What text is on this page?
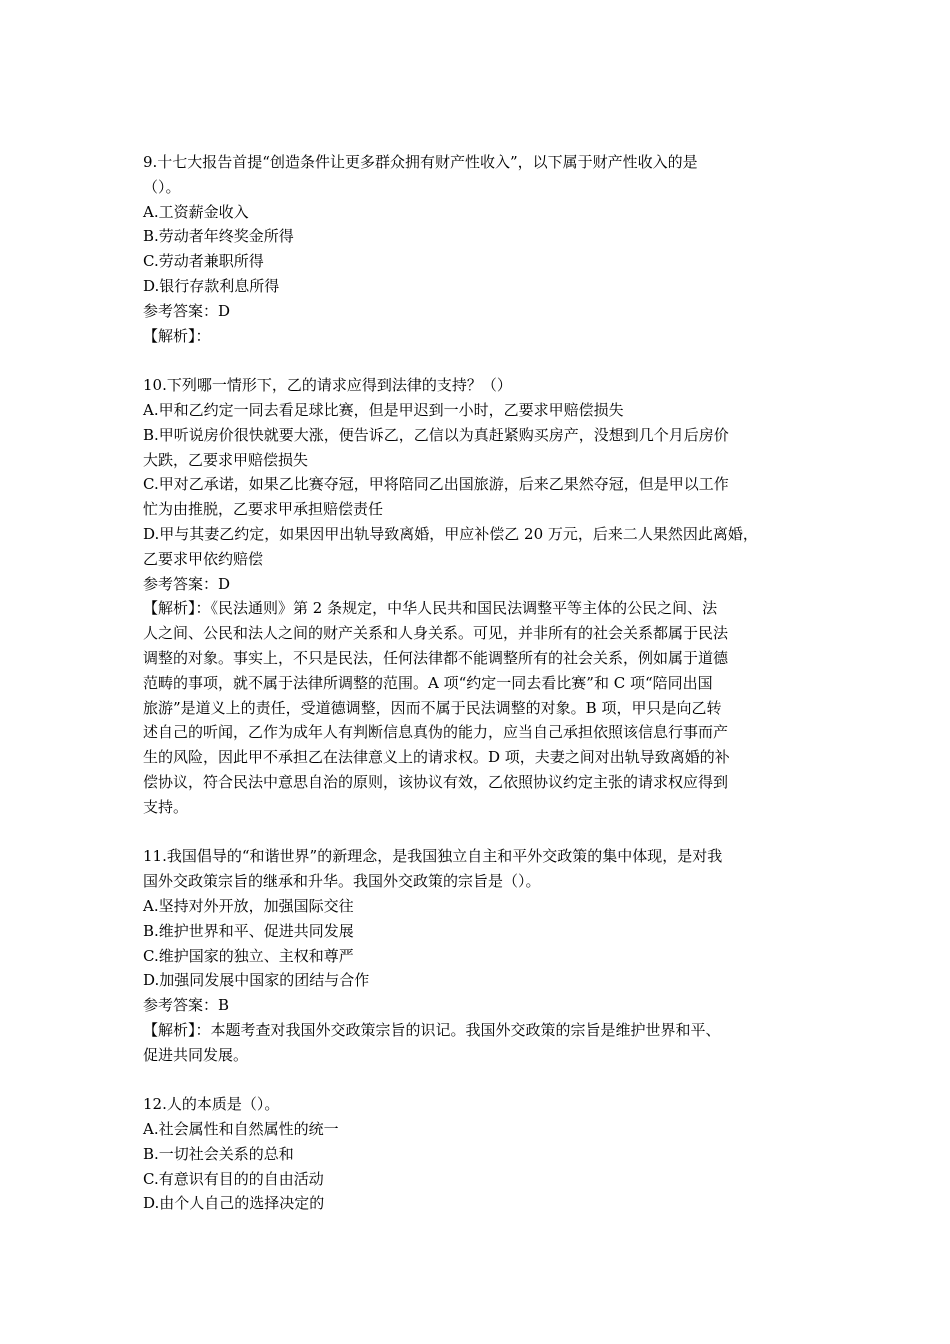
9.十七大报告首提“创造条件让更多群众拥有财产性收入”，以下属于财产性收入的是
（）。
A.工资薪金收入
B.劳动者年终奖金所得
C.劳动者兼职所得
D.银行存款利息所得
参考答案：D
【解析】：
10.下列哪一情形下，乙的请求应得到法律的支持？（）
A.甲和乙约定一同去看足球比赛，但是甲迟到一小时，乙要求甲赔偿损失
B.甲听说房价很快就要大涨，便告诉乙，乙信以为真赶紧购买房产，没想到几个月后房价
大跌，乙要求甲赔偿损失
C.甲对乙承诺，如果乙比赛夺冠，甲将陪同乙出国旅游，后来乙果然夺冠，但是甲以工作
忙为由推脱，乙要求甲承担赔偿责任
D.甲与其妻乙约定，如果因甲出轨导致离婚，甲应补偿乙 20 万元，后来二人果然因此离婚，
乙要求甲依约赔偿
参考答案：D
【解析】：《民法通则》第 2 条规定，中华人民共和国民法调整平等主体的公民之间、法
人之间、公民和法人之间的财产关系和人身关系。可见，并非所有的社会关系都属于民法
调整的对象。事实上，不只是民法，任何法律都不能调整所有的社会关系，例如属于道德
范畴的事项，就不属于法律所调整的范围。A 项“约定一同去看比赛”和 C 项“陪同出国
旅游”是道义上的责任，受道德调整，因而不属于民法调整的对象。B 项，甲只是向乙转
述自己的听闻，乙作为成年人有判断信息真伪的能力，应当自己承担依照该信息行事而产
生的风险，因此甲不承担乙在法律意义上的请求权。D 项，夫妻之间对出轨导致离婚的补
偿协议，符合民法中意思自治的原则，该协议有效，乙依照协议约定主张的请求权应得到
支持。
11.我国倡导的“和谐世界”的新理念，是我国独立自主和平外交政策的集中体现，是对我
国外交政策宗旨的继承和升华。我国外交政策的宗旨是（）。
A.坚持对外开放，加强国际交往
B.维护世界和平、促进共同发展
C.维护国家的独立、主权和尊严
D.加强同发展中国家的团结与合作
参考答案：B
【解析】：本题考查对我国外交政策宗旨的识记。我国外交政策的宗旨是维护世界和平、
促进共同发展。
12.人的本质是（）。
A.社会属性和自然属性的统一
B.一切社会关系的总和
C.有意识有目的的自由活动
D.由个人自己的选择决定的
